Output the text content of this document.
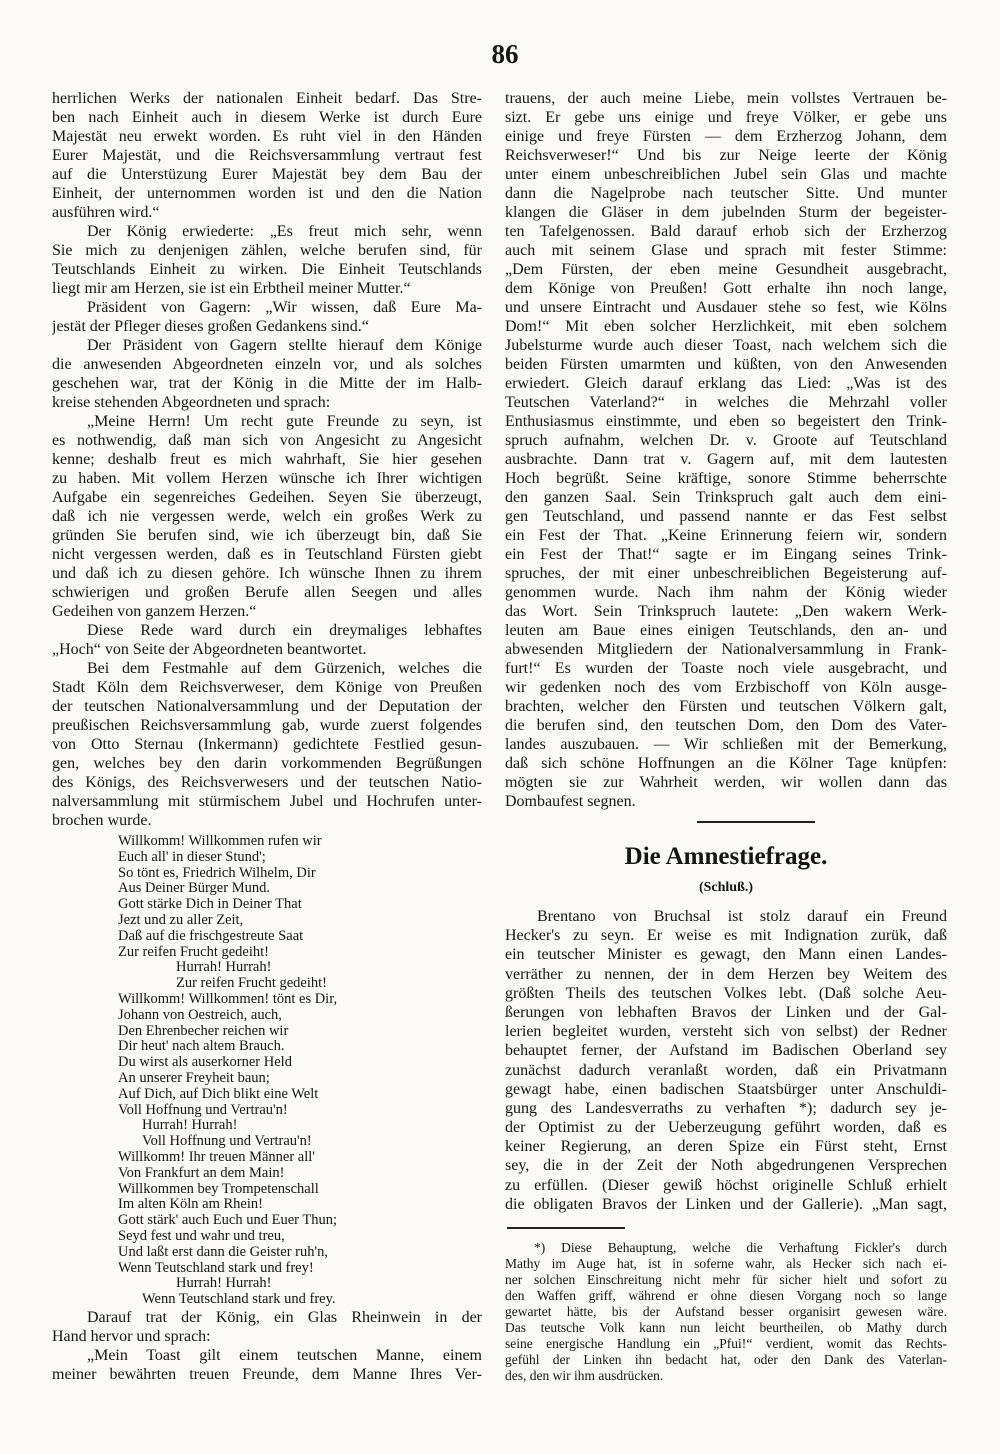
86
herrlichen Werks der nationalen Einheit bedarf. Das Stre-
ben nach Einheit auch in diesem Werke ist durch Eure
Majestät neu erwekt worden. Es ruht viel in den Händen
Eurer Majestät, und die Reichsversammlung vertraut fest
auf die Unterstüzung Eurer Majestät bey dem Bau der
Einheit, der unternommen worden ist und den die Nation
ausführen wird.“
Der König erwiederte: „Es freut mich sehr, wenn
Sie mich zu denjenigen zählen, welche berufen sind, für
Teutschlands Einheit zu wirken. Die Einheit Teutschlands
liegt mir am Herzen, sie ist ein Erbtheil meiner Mutter.“
Präsident von Gagern: „Wir wissen, daß Eure Ma-
jestät der Pfleger dieses großen Gedankens sind.“
Der Präsident von Gagern stellte hierauf dem Könige
die anwesenden Abgeordneten einzeln vor, und als solches
geschehen war, trat der König in die Mitte der im Halb-
kreise stehenden Abgeordneten und sprach:
„Meine Herrn! Um recht gute Freunde zu seyn, ist
es nothwendig, daß man sich von Angesicht zu Angesicht
kenne; deshalb freut es mich wahrhaft, Sie hier gesehen
zu haben. Mit vollem Herzen wünsche ich Ihrer wichtigen
Aufgabe ein segenreiches Gedeihen. Seyen Sie überzeugt,
daß ich nie vergessen werde, welch ein großes Werk zu
gründen Sie berufen sind, wie ich überzeugt bin, daß Sie
nicht vergessen werden, daß es in Teutschland Fürsten giebt
und daß ich zu diesen gehöre. Ich wünsche Ihnen zu ihrem
schwierigen und großen Berufe allen Seegen und alles
Gedeihen von ganzem Herzen.“
Diese Rede ward durch ein dreymaliges lebhaftes
„Hoch“ von Seite der Abgeordneten beantwortet.
Bei dem Festmahle auf dem Gürzenich, welches die
Stadt Köln dem Reichsverweser, dem Könige von Preußen
der teutschen Nationalversammlung und der Deputation der
preußischen Reichsversammlung gab, wurde zuerst folgendes
von Otto Sternau (Inkermann) gedichtete Festlied gesun-
gen, welches bey den darin vorkommenden Begrüßungen
des Königs, des Reichsverwesers und der teutschen Natio-
nalversammlung mit stürmischem Jubel und Hochrufen unter-
brochen wurde.
Willkomm! Willkommen rufen wir
Euch all' in dieser Stund';
So tönt es, Friedrich Wilhelm, Dir
Aus Deiner Bürger Mund.
Gott stärke Dich in Deiner That
Jezt und zu aller Zeit,
Daß auf die frischgestreute Saat
Zur reifen Frucht gedeiht!
Hurrah! Hurrah!
Zur reifen Frucht gedeiht!
Willkomm! Willkommen! tönt es Dir,
Johann von Oestreich, auch,
Den Ehrenbecher reichen wir
Dir heut' nach altem Brauch.
Du wirst als auserkorner Held
An unserer Freyheit baun;
Auf Dich, auf Dich blikt eine Welt
Voll Hoffnung und Vertrau'n!
Hurrah! Hurrah!
Voll Hoffnung und Vertrau'n!
Willkomm! Ihr treuen Männer all'
Von Frankfurt an dem Main!
Willkommen bey Trompetenschall
Im alten Köln am Rhein!
Gott stärk' auch Euch und Euer Thun;
Seyd fest und wahr und treu,
Und laßt erst dann die Geister ruh'n,
Wenn Teutschland stark und frey!
Hurrah! Hurrah!
Wenn Teutschland stark und frey.
Darauf trat der König, ein Glas Rheinwein in der
Hand hervor und sprach:
„Mein Toast gilt einem teutschen Manne, einem
meiner bewährten treuen Freunde, dem Manne Ihres Ver-
trauens, der auch meine Liebe, mein vollstes Vertrauen be-
sizt. Er gebe uns einige und freye Völker, er gebe uns
einige und freye Fürsten — dem Erzherzog Johann, dem
Reichsverweser!“ Und bis zur Neige leerte der König
unter einem unbeschreiblichen Jubel sein Glas und machte
dann die Nagelprobe nach teutscher Sitte. Und munter
klangen die Gläser in dem jubelnden Sturm der begeister-
ten Tafelgenossen. Bald darauf erhob sich der Erzherzog
auch mit seinem Glase und sprach mit fester Stimme:
„Dem Fürsten, der eben meine Gesundheit ausgebracht,
dem Könige von Preußen! Gott erhalte ihn noch lange,
und unsere Eintracht und Ausdauer stehe so fest, wie Kölns
Dom!“ Mit eben solcher Herzlichkeit, mit eben solchem
Jubelsturme wurde auch dieser Toast, nach welchem sich die
beiden Fürsten umarmten und küßten, von den Anwesenden
erwiedert. Gleich darauf erklang das Lied: „Was ist des
Teutschen Vaterland?“ in welches die Mehrzahl voller
Enthusiasmus einstimmte, und eben so begeistert den Trink-
spruch aufnahm, welchen Dr. v. Groote auf Teutschland
ausbrachte. Dann trat v. Gagern auf, mit dem lautesten
Hoch begrüßt. Seine kräftige, sonore Stimme beherrschte
den ganzen Saal. Sein Trinkspruch galt auch dem eini-
gen Teutschland, und passend nannte er das Fest selbst
ein Fest der That. „Keine Erinnerung feiern wir, sondern
ein Fest der That!“ sagte er im Eingang seines Trink-
spruches, der mit einer unbeschreiblichen Begeisterung auf-
genommen wurde. Nach ihm nahm der König wieder
das Wort. Sein Trinkspruch lautete: „Den wakern Werk-
leuten am Baue eines einigen Teutschlands, den an- und
abwesenden Mitgliedern der Nationalversammlung in Frank-
furt!“ Es wurden der Toaste noch viele ausgebracht, und
wir gedenken noch des vom Erzbischoff von Köln ausge-
brachten, welcher den Fürsten und teutschen Völkern galt,
die berufen sind, den teutschen Dom, den Dom des Vater-
landes auszubauen. — Wir schließen mit der Bemerkung,
daß sich schöne Hoffnungen an die Kölner Tage knüpfen:
mögten sie zur Wahrheit werden, wir wollen dann das
Dombaufest segnen.
Die Amnestiefrage.
(Schluß.)
Brentano von Bruchsal ist stolz darauf ein Freund
Hecker's zu seyn. Er weise es mit Indignation zurük, daß
ein teutscher Minister es gewagt, den Mann einen Landes-
verräther zu nennen, der in dem Herzen bey Weitem des
größten Theils des teutschen Volkes lebt. (Daß solche Aeu-
ßerungen von lebhaften Bravos der Linken und der Gal-
lerien begleitet wurden, versteht sich von selbst) der Redner
behauptet ferner, der Aufstand im Badischen Oberland sey
zunächst dadurch veranlaßt worden, daß ein Privatmann
gewagt habe, einen badischen Staatsbürger unter Anschuldi-
gung des Landesverraths zu verhaften *); dadurch sey je-
der Optimist zu der Ueberzeugung geführt worden, daß es
keiner Regierung, an deren Spize ein Fürst steht, Ernst
sey, die in der Zeit der Noth abgedrungenen Versprechen
zu erfüllen. (Dieser gewiß höchst originelle Schluß erhielt
die obligaten Bravos der Linken und der Gallerie). „Man sagt,
*) Diese Behauptung, welche die Verhaftung Fickler's durch
Mathy im Auge hat, ist in soferne wahr, als Hecker sich nach ei-
ner solchen Einschreitung nicht mehr für sicher hielt und sofort zu
den Waffen griff, während er ohne diesen Vorgang noch so lange
gewartet hätte, bis der Aufstand besser organisirt gewesen wäre.
Das teutsche Volk kann nun leicht beurtheilen, ob Mathy durch
seine energische Handlung ein „Pfui!“ verdient, womit das Rechts-
gefühl der Linken ihn bedacht hat, oder den Dank des Vaterlan-
des, den wir ihm ausdrücken.
